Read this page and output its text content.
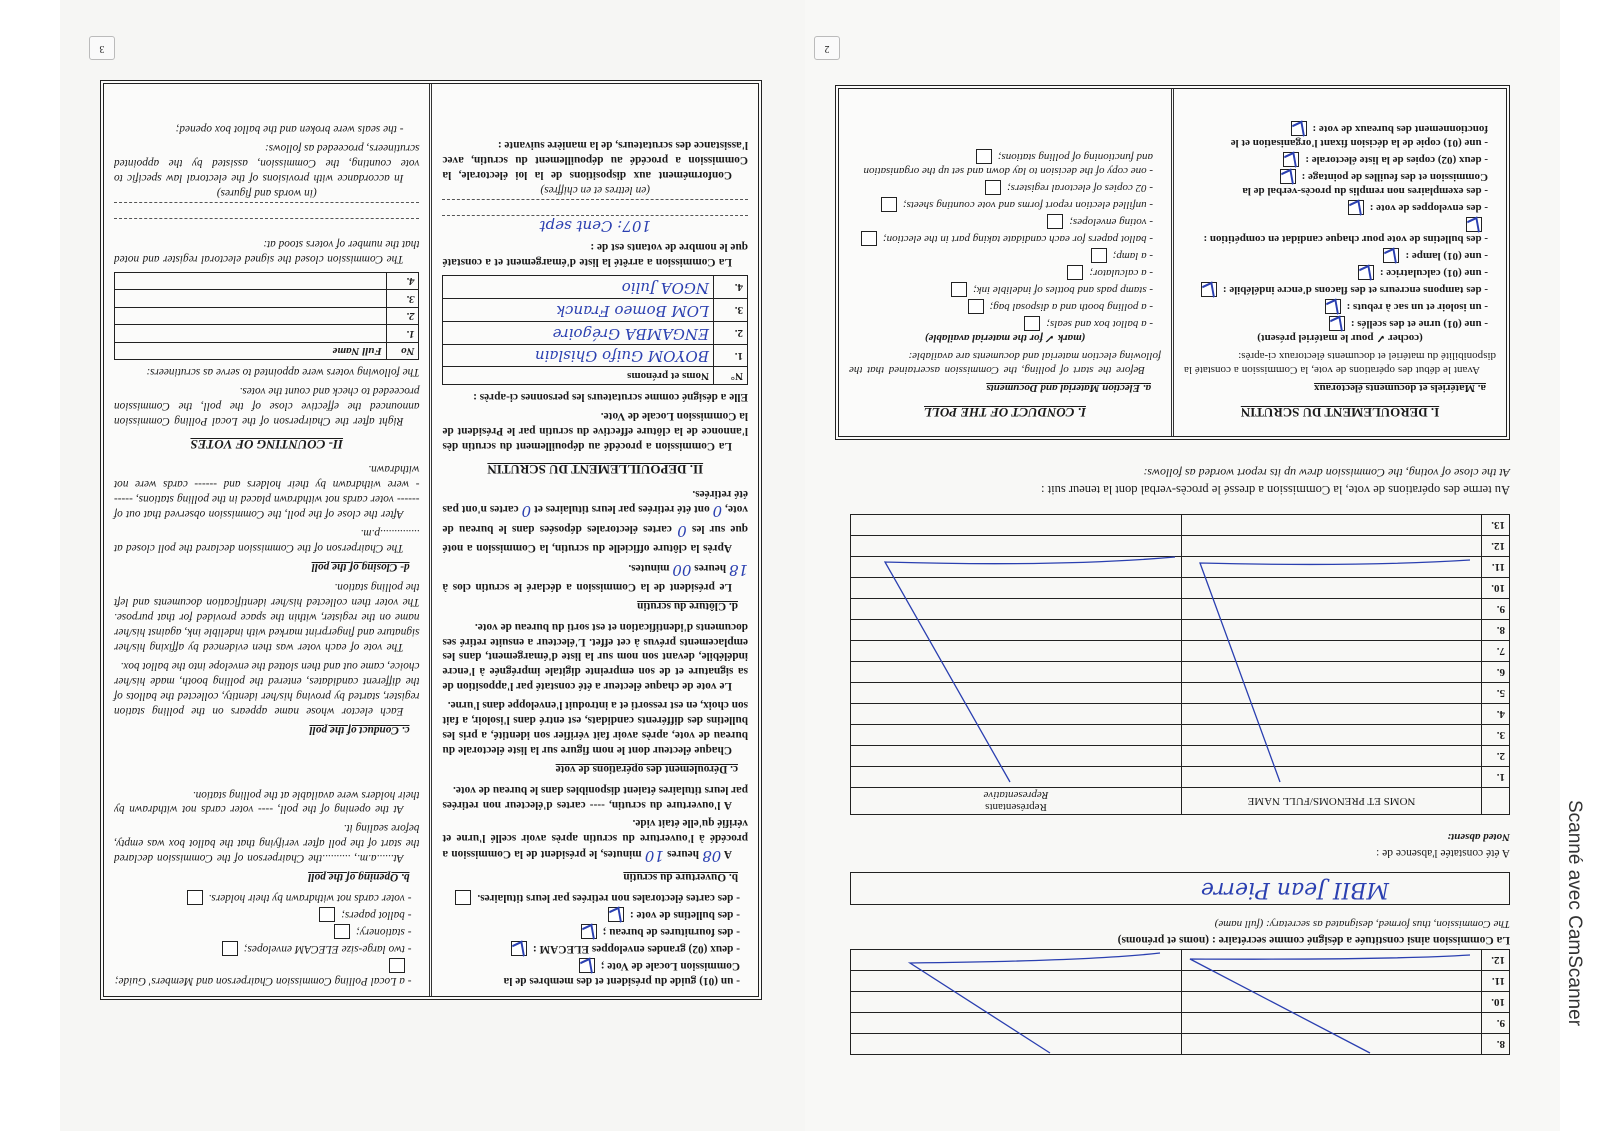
- un (01) guide du président et des membres de la Commission Locale de Vote ;
- deux (02) grandes enveloppes ELECAM :
- des fournitures de bureau ;
- des bulletins de vote :
- des cartes électorales non retirées par leurs titulaires.
b. Ouverture du scrutin

A 08 heures 10 minutes, le président de la Commission a procédé à l'ouverture du scrutin après avoir scellé l'urne et vérifié qu'elle était vide.

A l'ouverture du scrutin, ---- cartes d'électeur non retirées par leurs titulaires étaient disponibles dans le bureau de vote.

c. Déroulement des opérations de vote

Chaque électeur dont le nom figure sur la liste électorale du bureau de vote, après avoir fait vérifier son identité, a pris les bulletins des différents candidats, est entré dans l'isoloir, a fait son choix, en est ressorti et a introduit l'enveloppe dans l'urne.

Le vote de chaque électeur a été constaté par l'apposition de sa signature et de son empreinte digitale imprégnée à l'encre indélébile, devant son nom sur la liste d'émargement, dans les emplacements prévus à cet effet. L'électeur a ensuite retiré ses documents d'identification et est sorti du bureau de vote.

d. Clôture du scrutin

Le président de la Commission a déclaré le scrutin clos à 18 heures 00 minutes.

Après la clôture officielle du scrutin, la Commission a noté que sur les 0 cartes électorales déposées dans le bureau de vote, 0 ont été retirées par leurs titulaires et 0 cartes n'ont pas été retirées.

II. DEPOUILLEMENT DU SCRUTIN

La Commission a procédé au dépouillement du scrutin dès l'annonce de la clôture effective du scrutin par le Président de la Commission Locale de Vote.

Elle a désigné comme scrutateurs les personnes ci-après :

N°	Noms et prénoms
1.	BOYOM Guifo Ghislain
2.	ENGAMBA Grégoire
3.	LOM Bomeo Franck
4.	NGOA Julio

La Commission a arrêté la liste d'émargement et a constaté que le nombre de votants est de :

107: Cent sept
(en lettres et en chiffres)

Conformément aux dispositions de la loi électorale, la Commission a procédé au dépouillement du scrutin, avec l'assistance des scrutateurs, de la manière suivante :

- a Local Polling Commission Chairperson and Members' Guide;
- two large-size ELECAM envelopes;
- stationery;
- ballot papers;
- voter cards not withdrawn by their holders.
b. Opening of the poll

At......a.m., ..........the Chairperson of the Commission declared the start of the poll after verifying that the ballot box was empty, before sealing it.

At the opening of the poll, ---- voter cards not withdrawn by their holders were available at the polling station.

c. Conduct of the poll

Each elector whose name appears on the polling station register, started by proving his/her identity, collected the ballots of the different candidates, entered the polling booth, made his/her choice, came out and then slotted the envelope into the ballot box.

The vote of each voter was then evidenced by affixing his/her signature and fingerprint marked with indelible ink, against his/her name on the register, within the space provided for that purpose. The voter then collected his/her identification documents and left the polling station.

d- Closing of the poll

The Chairperson of the Commission declared the poll closed at ..............p.m.

After the close of the poll, the Commission observed that out of ------ voter cards not withdrawn placed in the polling stations, ------ were withdrawn by their holders and ------ cards were not withdrawn.

II- COUNTING OF VOTES

Right after the Chairperson of the Local Polling Commission announced the effective close of the poll, the Commission proceeded to check and count the votes.

The following voters were appointed to serve as scrutineers:

No	Full Name
1.	
2.	
3.	
4.	

The Commission closed the signed electoral register and noted that the number of voters stood at:

(in words and figures)

In accordance with provisions of the electoral law specific to vote counting, the Commission, assisted by the appointed scrutineers, proceeded as follows:

- the seals were broken and the ballot box opened;

3
8.		
9.		
10.		
11.		
12.		
La Commission ainsi constituée a désigné comme secrétaire : (noms et prénoms)
The Commission, thus formed, designated as secretary: (full name)
MBII Jean Pierre
A été constatée l'absence de :
Noted absent:
	NOMS ET PRENOMS/FULL NAME	Représentants
Representative
1.		
2.		
3.		
4.		
5.		
6.		
7.		
8.		
9.		
10.		
11.		
12.		
13.		
Au terme des opérations de vote, la Commission a dressé le procès-verbal dont la teneur suit :
At the close of voting, the Commission drew up its report worded as follows:
I. DEROULEMENT DU SCRUTIN
a. Matériels et documents électoraux

Avant le début des opérations de vote, la Commission a constaté la disponibilité du matériel et documents électoraux ci-après:

(cocher ✓ pour le matériel présent)
- une (01) urne et des scellés :
- un isoloir et un sac à rebuts :
- des tampons encreurs et des flacons d'encre indélébile :
- une (01) calculatrice :
- une (01) lampe :
- des bulletins de vote pour chaque candidat en compétition :
- des enveloppes de vote :
- des exemplaires non remplis du procès-verbal de la Commission et des feuilles de pointage :
- deux (02) copies de la liste électorale :
- une (01) copie de la décision fixant l'organisation et le fonctionnement des bureaux de vote :
I. CONDUCT OF THE POLL
a. Election Material and Documents

Before the start of polling, the Commission ascertained that the following election material and documents are available:

(mark ✓ for the material available)
- a ballot box and seals;
- a polling booth and a disposal bag;
- stamp pads and bottles of indelible ink;
- a calculator;
- a lamp;
- ballot papers for each candidate taking part in the election;
- voting envelopes;
- unfilled election report forms and vote counting sheets;
- 02 copies of electoral registers;
- one copy of the decision to lay down and set up the organisation and functioning of polling stations;
2
Scanné avec CamScanner
